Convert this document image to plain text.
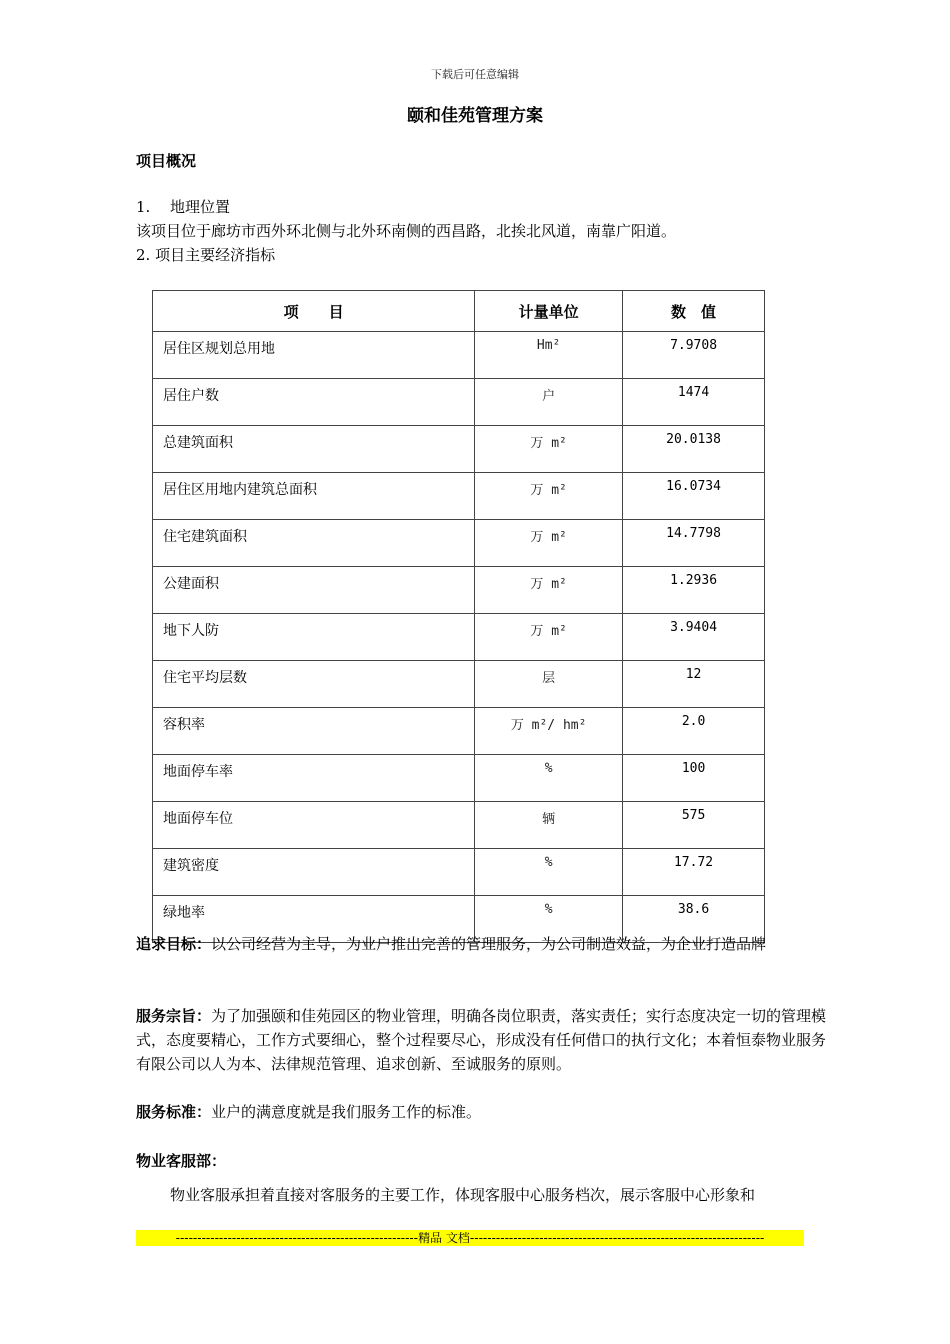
下载后可任意编辑
颐和佳苑管理方案
项目概况
1. 地理位置
该项目位于廊坊市西外环北侧与北外环南侧的西昌路，北挨北风道，南靠广阳道。
2. 项目主要经济指标
项　　目	计量单位	数　值
居住区规划总用地	Hm²	7.9708
居住户数	户	1474
总建筑面积	万 m²	20.0138
居住区用地内建筑总面积	万 m²	16.0734
住宅建筑面积	万 m²	14.7798
公建面积	万 m²	1.2936
地下人防	万 m²	3.9404
住宅平均层数	层	12
容积率	万 m²/ hm²	2.0
地面停车率	%	100
地面停车位	辆	575
建筑密度	%	17.72
绿地率	%	38.6
追求目标：以公司经营为主导，为业户推出完善的管理服务，为公司制造效益，为企业打造品牌
服务宗旨：为了加强颐和佳苑园区的物业管理，明确各岗位职责，落实责任；实行态度决定一切的管理模式，态度要精心，工作方式要细心，整个过程要尽心，形成没有任何借口的执行文化；本着恒泰物业服务有限公司以人为本、法律规范管理、追求创新、至诚服务的原则。
服务标准：业户的满意度就是我们服务工作的标准。
物业客服部：
物业客服承担着直接对客服务的主要工作，体现客服中心服务档次，展示客服中心形象和
--------------------------------------------------------精品 文档--------------------------------------------------------------------
